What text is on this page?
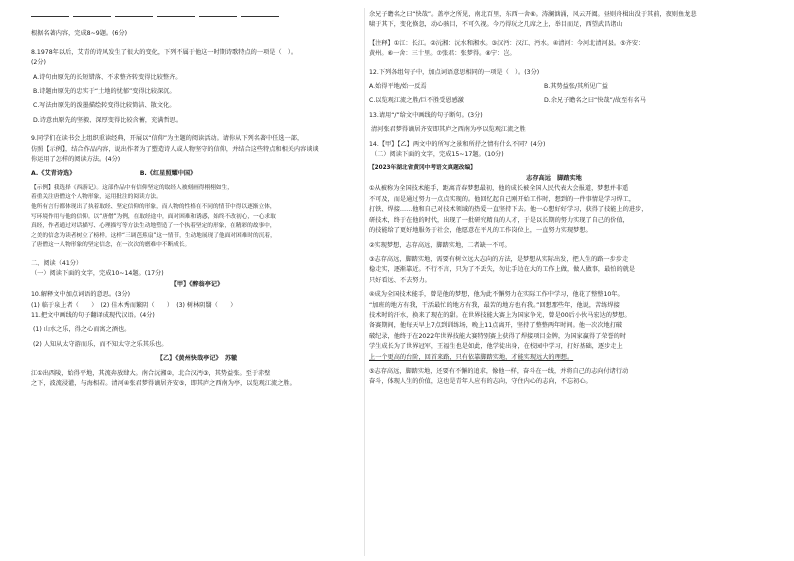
根据名著内容，完成8~9题。(6分)

8.1978年以后，艾青的诗风发生了很大的变化，下列不属于他这一时期诗歌特点的一项是（　）。

(2分)

A.诗句由原先的长短错落、不求整齐转变得比较整齐。

B.诗题由原先的忠实于“土地的忧郁”变得比较深沉。

C.写法由原先的泼墨描绘转变得比较简洁、散文化。

D.诗意由原先的坚毅、深厚变得比较含蓄，充满哲思。

9.同学们在读书会上组织重读经典，开展以“信仰”为主题的阅读活动。请你从下列名著中任选一部，

仿照【示例】，结合作品内容，说出作者为了塑造诗人或人物坚守的信仰，并结合这些特点和相关内容谈谈

你运用了怎样的阅读方法。(4分)

A.《艾青诗选》	B.《红星照耀中国》

【示例】我选择《西游记》。这部作品中有信仰坚定的取经人被刻画得栩栩如生，

着重关注唐僧这个人物形象，运用批注的阅读方法。

他所有言行都体现出了执着取经、坚定信仰的形象，而人物的性格在不同的情节中得以逐渐立体，

写环境作用与他的信仰。以“唐僧”为例，在取经途中，面对困难和诱惑，始终不改初心，一心求取

真经，作者通过对话描写、心理描写等方法生动地塑造了一个执着坚定的形象，在精彩的故事中，

之美的信念为读者树立了榜样。这样“三调芭蕉扇”这一情节，生动地展现了他面对困难时的沉着，

了唐僧这一人物形象的坚定信念，在一次次的磨难中不断成长。

二、阅读（41分）

（一）阅读下面的文字，完成10~14题。(17分)

【甲】《醉翁亭记》

10.解释文中加点词语的意思。(3分)

(1) 临于泉上者（　　）　(2) 佳木秀而繁阴（　　）　(3) 树林阴翳（　　）

11.把文中画线的句子翻译成现代汉语。(4分)

(1) 山水之乐，得之心而寓之酒也。

(2) 人知从太守游而乐，而不知太守之乐其乐也。

【乙】《黄州快哉亭记》　苏辙

江①出西陵，始得平地，其流奔放肆大。南合沅湘②，北合汉沔③，其势益张。至于赤壁

之下，波流浸灌，与海相若。清河④张君梦得谪居齐安⑤，即其庐之西南为亭，以览观江流之胜。

余兄子瞻名之曰“快哉”。盖亭之所见，南北百里，东西一舍⑥。涛澜汹涌，风云开阖。昼则舟楫出没于其前，夜则鱼龙悲

啸于其下，变化倏忽，动心骇目，不可久视。今乃得玩之几席之上，举目而足，西望武昌诸山

【注释】①江：长江。②沅湘：沅水和湘水。③汉沔：汉江、沔水。④清河：今河北清河县。⑤齐安：

黄州。⑥一舍：三十里。⑦张君：张梦得。⑧宁：岂。

12.下列各组句子中，加点词语意思相同的一项是（　）。(3分)

A.始得平地/始一反焉	B.其势益张/其所见广益

C.以览观江流之胜/巨不胜受恩感激	D.余兄子瞻名之曰“快哉”/故至有名马

13.请用“/”给文中画线的句子断句。(3分)

清河张君梦得谪居齐安即其庐之西南为亭以览观江流之胜

14.【甲】【乙】两文中的所写之景和所抒之情有什么不同？(4分)

（二）阅读下面的文字，完成15~17题。(10分)

【2023年湖北省黄冈中考语文真题改编】

志存高远　脚踏实地

①从被称为全国技术能手，距离青春梦想最初，他的成长被全国人民代表大会报道，梦想并非遥

不可及，而是通过努力一点点实现的。他回忆起自己刚开始工作时，想到的一件事情是学习焊工，

打铁、焊接……他和自己对技术领域的热爱一直坚持下去。他一心想好好学习，获得了技能上的进步，

研技术，终于在他的时代，出现了一批研究精良的人才，于是以长期的努力实现了自己的价值，

的技能给了更好地服务于社会，他愿意在平凡的工作岗位上，一直努力实现梦想。

②实现梦想，志存高远，脚踏实地，二者缺一不可。

③志存高远，脚踏实地，需要有树立远大志向的方法，是梦想从实际出发，把人生的路一步步走

稳走实，逐渐靠近。不行不言，只为了不丢失，勿让手边在大的工作上做，做人做事，最怕的就是

只好看远、不去努力。

④成为全国技术能手，曾是他的梦想，他为此不懈努力在实际工作中学习，他花了整整10年。

“加班的地方有我，干活最忙的地方有我，最苦的地方也有我。”回想那些年，他说，苦练焊接

技术时的汗水，换来了现在的甜。在世界技能大赛上为国家争光，曾是00后小伙马宏达的梦想。

备赛期间，他每天早上7点到训练场，晚上11点离开，坚持了整整两年时间。他一次次地打破

破纪录，他终于在2022年世界技能大赛特别赛上获得了焊接项目金牌，为国家赢得了荣誉的时

学生成长为了世界冠军，王福生也是如此，他学徒出身，在校园中学习，打好基础，逐步走上

上一个更高的台阶，回首来路，只有依靠脚踏实地，才能实现远大的理想。

⑤志存高远，脚踏实地，还要有不懈的追求，像他一样，奋斗在一线，并将自己的志向付诸行动

奋斗，体现人生的价值，这也是青年人应有的志向，守住内心的志向，不忘初心。
